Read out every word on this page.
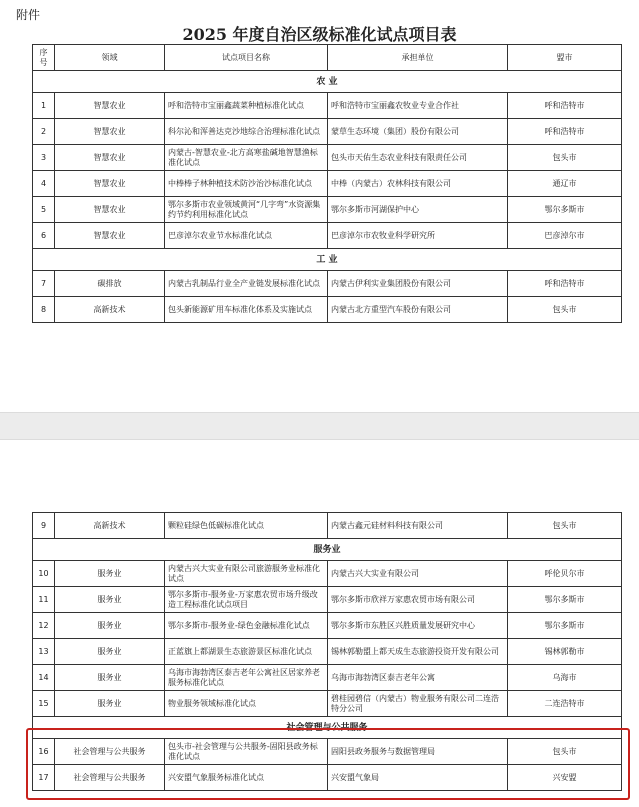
附件
2025 年度自治区级标准化试点项目表
序
号	领域	试点项目名称	承担单位	盟市
农 业				
1	智慧农业	呼和浩特市宝丽鑫蔬菜种植标准化试点	呼和浩特市宝丽鑫农牧业专业合作社	呼和浩特市
2	智慧农业	科尔沁和浑善达克沙地综合治理标准化试点	蒙草生态环境（集团）股份有限公司	呼和浩特市
3	智慧农业	内蒙古-智慧农业-北方高寒盐碱地智慧渔标准化试点	包头市天佑生态农业科技有限责任公司	包头市
4	智慧农业	中棒棒子林种植技术防沙治沙标准化试点	中棒（内蒙古）农林科技有限公司	通辽市
5	智慧农业	鄂尔多斯市农业领域黄河“几字弯”水资源集约节约利用标准化试点	鄂尔多斯市河湖保护中心	鄂尔多斯市
6	智慧农业	巴彦淖尔农业节水标准化试点	巴彦淖尔市农牧业科学研究所	巴彦淖尔市
工 业				
7	碳排放	内蒙古乳制品行业全产业链发展标准化试点	内蒙古伊利实业集团股份有限公司	呼和浩特市
8	高新技术	包头新能源矿用车标准化体系及实施试点	内蒙古北方重型汽车股份有限公司	包头市
9	高新技术	颗粒硅绿色低碳标准化试点	内蒙古鑫元硅材料科技有限公司	包头市
服务业				
10	服务业	内蒙古兴大实业有限公司旅游服务业标准化试点	内蒙古兴大实业有限公司	呼伦贝尔市
11	服务业	鄂尔多斯市-服务业-万家惠农贸市场升级改造工程标准化试点项目	鄂尔多斯市欣祥万家惠农贸市场有限公司	鄂尔多斯市
12	服务业	鄂尔多斯市-服务业-绿色金融标准化试点	鄂尔多斯市东胜区兴胜质量发展研究中心	鄂尔多斯市
13	服务业	正蓝旗上都湖景生态旅游景区标准化试点	锡林郭勒盟上都天成生态旅游投资开发有限公司	锡林郭勒市
14	服务业	乌海市海勃湾区泰吉老年公寓社区居家养老服务标准化试点	乌海市海勃湾区泰吉老年公寓	乌海市
15	服务业	物业服务领域标准化试点	碧桂园碧信（内蒙古）物业服务有限公司二连浩特分公司	二连浩特市
社会管理与公共服务				
16	社会管理与公共服务	包头市-社会管理与公共服务-固阳县政务标准化试点	固阳县政务服务与数据管理局	包头市
17	社会管理与公共服务	兴安盟气象服务标准化试点	兴安盟气象局	兴安盟
